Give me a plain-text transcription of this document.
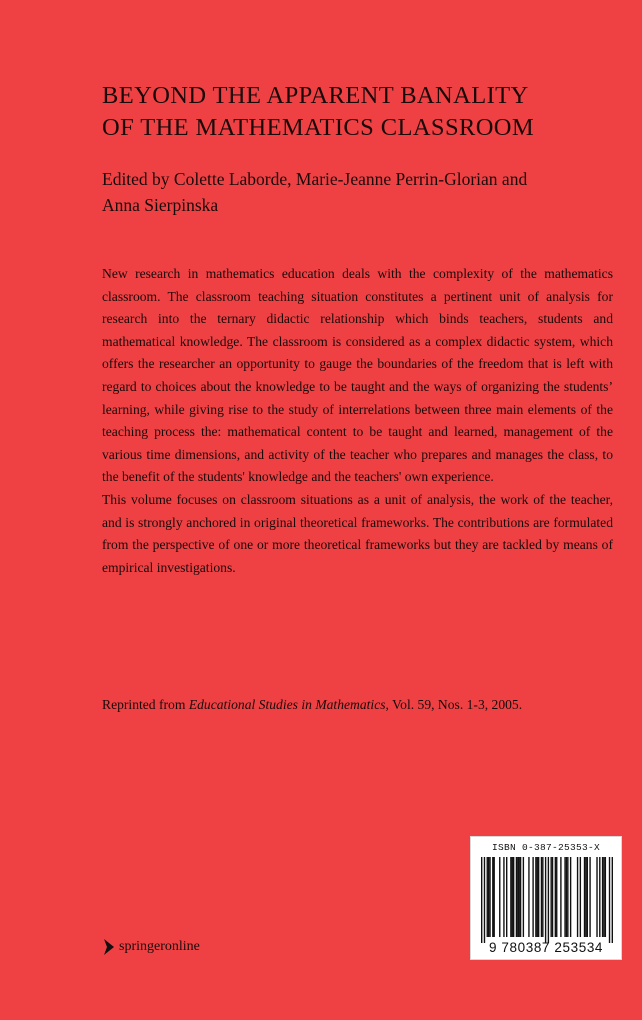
BEYOND THE APPARENT BANALITY
OF THE MATHEMATICS CLASSROOM
Edited by Colette Laborde, Marie-Jeanne Perrin-Glorian and
Anna Sierpinska

New research in mathematics education deals with the complexity of the mathematics classroom. The classroom teaching situation constitutes a pertinent unit of analysis for research into the ternary didactic relationship which binds teachers, students and mathematical knowledge. The classroom is considered as a complex didactic system, which offers the researcher an opportunity to gauge the boundaries of the freedom that is left with regard to choices about the knowledge to be taught and the ways of organizing the students’ learning, while giving rise to the study of interrelations between three main elements of the teaching process the: mathematical content to be taught and learned, management of the various time dimensions, and activity of the teacher who prepares and manages the class, to the benefit of the students' knowledge and the teachers' own experience.

This volume focuses on classroom situations as a unit of analysis, the work of the teacher, and is strongly anchored in original theoretical frameworks. The contributions are formulated from the perspective of one or more theoretical frameworks but they are tackled by means of empirical investigations.

Reprinted from Educational Studies in Mathematics, Vol. 59, Nos. 1-3, 2005.
ISBN 0-387-25353-X
9 780387 253534
springeronline
